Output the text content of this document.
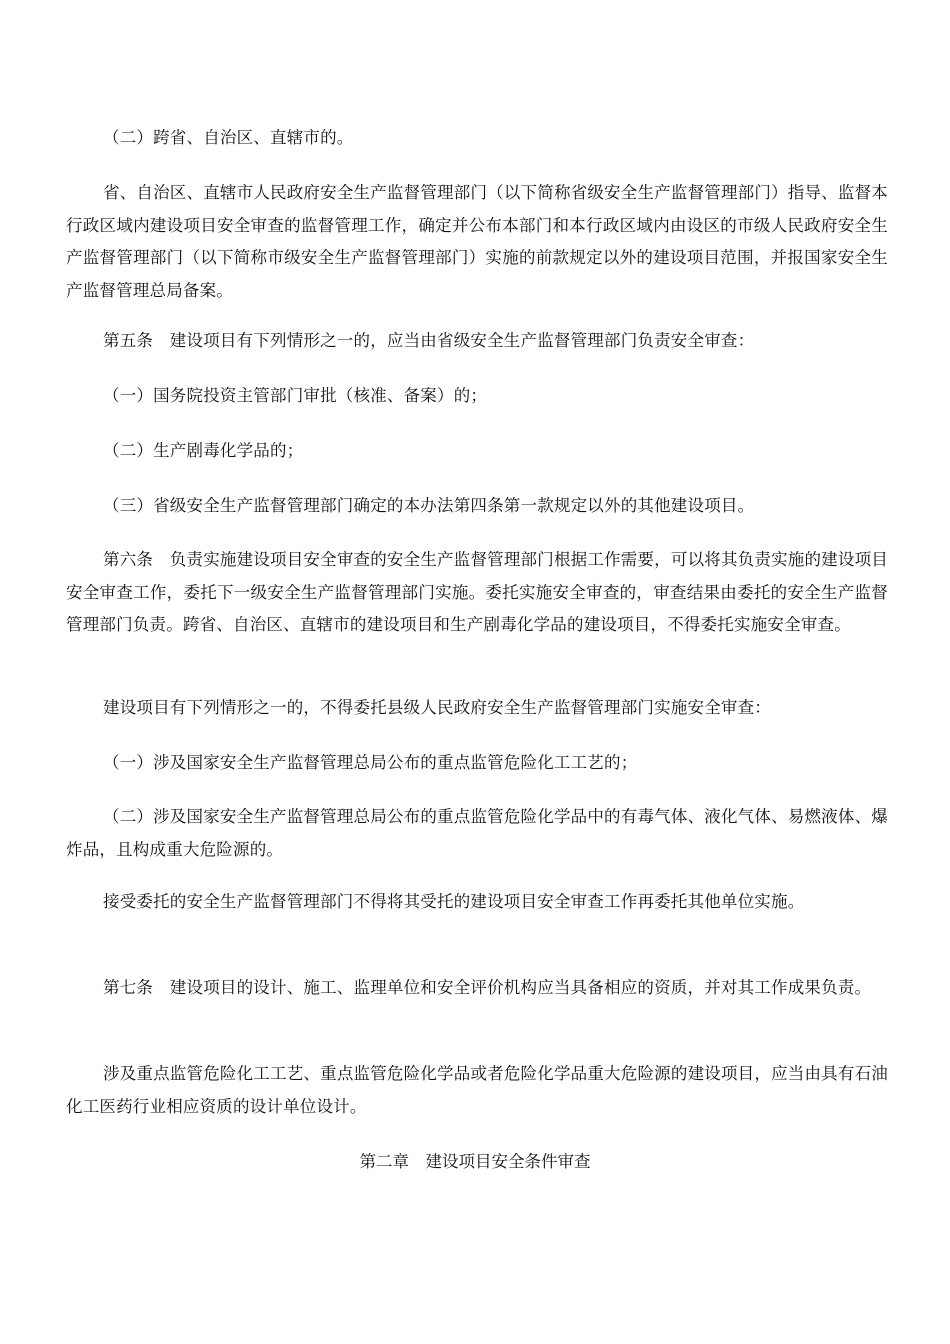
（二）跨省、自治区、直辖市的。

省、自治区、直辖市人民政府安全生产监督管理部门（以下简称省级安全生产监督管理部门）指导、监督本行政区域内建设项目安全审查的监督管理工作，确定并公布本部门和本行政区域内由设区的市级人民政府安全生产监督管理部门（以下简称市级安全生产监督管理部门）实施的前款规定以外的建设项目范围，并报国家安全生产监督管理总局备案。

第五条　建设项目有下列情形之一的，应当由省级安全生产监督管理部门负责安全审查：

（一）国务院投资主管部门审批（核准、备案）的；

（二）生产剧毒化学品的；

（三）省级安全生产监督管理部门确定的本办法第四条第一款规定以外的其他建设项目。

第六条　负责实施建设项目安全审查的安全生产监督管理部门根据工作需要，可以将其负责实施的建设项目安全审查工作，委托下一级安全生产监督管理部门实施。委托实施安全审查的，审查结果由委托的安全生产监督管理部门负责。跨省、自治区、直辖市的建设项目和生产剧毒化学品的建设项目，不得委托实施安全审查。

建设项目有下列情形之一的，不得委托县级人民政府安全生产监督管理部门实施安全审查：

（一）涉及国家安全生产监督管理总局公布的重点监管危险化工工艺的；

（二）涉及国家安全生产监督管理总局公布的重点监管危险化学品中的有毒气体、液化气体、易燃液体、爆炸品，且构成重大危险源的。

接受委托的安全生产监督管理部门不得将其受托的建设项目安全审查工作再委托其他单位实施。

第七条　建设项目的设计、施工、监理单位和安全评价机构应当具备相应的资质，并对其工作成果负责。

涉及重点监管危险化工工艺、重点监管危险化学品或者危险化学品重大危险源的建设项目，应当由具有石油化工医药行业相应资质的设计单位设计。

第二章　建设项目安全条件审查
